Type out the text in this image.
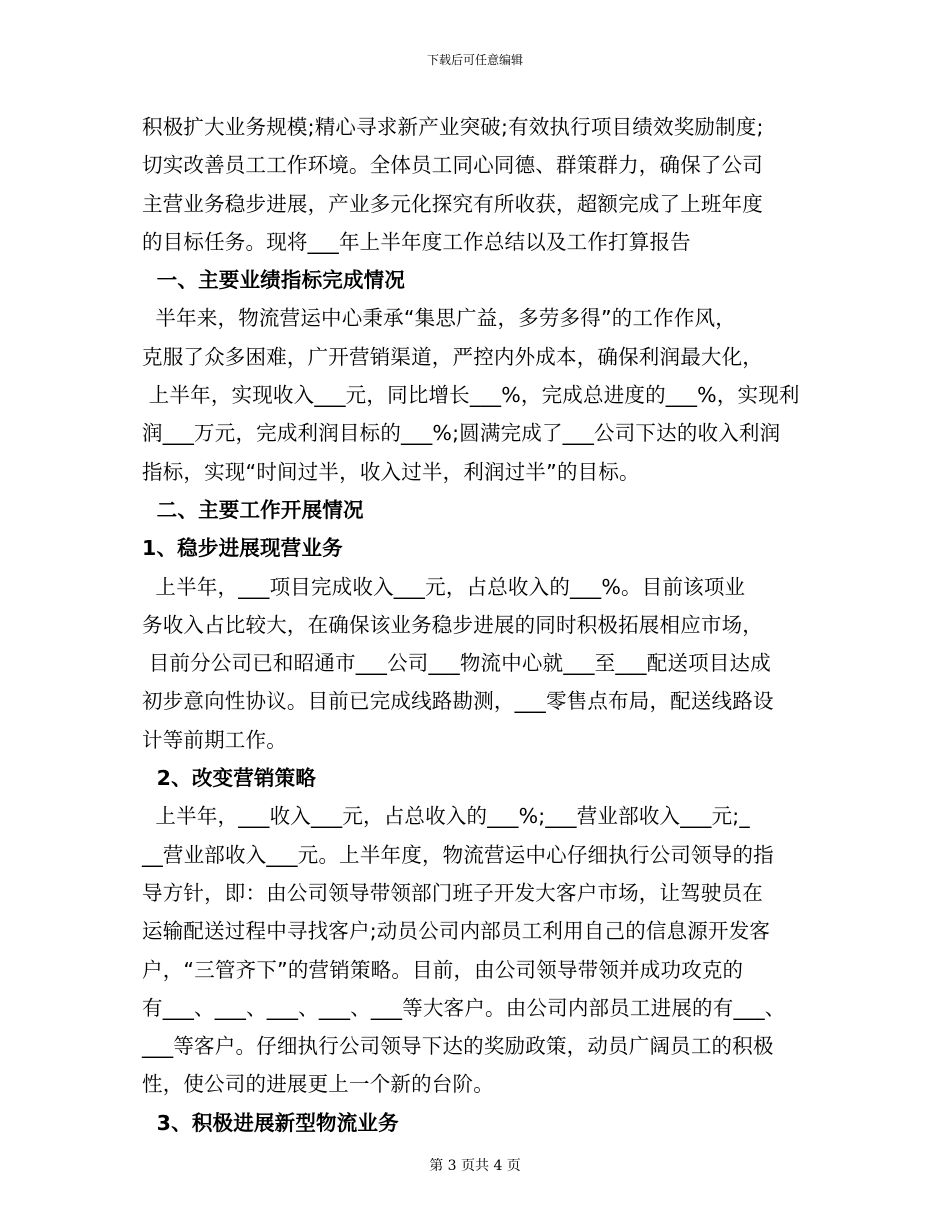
下载后可任意编辑
积极扩大业务规模;精心寻求新产业突破;有效执行项目绩效奖励制度;
切实改善员工工作环境。全体员工同心同德、群策群力，确保了公司
主营业务稳步进展，产业多元化探究有所收获，超额完成了上班年度
的目标任务。现将___年上半年度工作总结以及工作打算报告
一、主要业绩指标完成情况
半年来，物流营运中心秉承“集思广益，多劳多得”的工作作风，
克服了众多困难，广开营销渠道，严控内外成本，确保利润最大化，
上半年，实现收入___元，同比增长___%，完成总进度的___%，实现利
润___万元，完成利润目标的___%;圆满完成了___公司下达的收入利润
指标，实现“时间过半，收入过半，利润过半”的目标。
二、主要工作开展情况
1、稳步进展现营业务
上半年，___项目完成收入___元，占总收入的___%。目前该项业
务收入占比较大，在确保该业务稳步进展的同时积极拓展相应市场，
目前分公司已和昭通市___公司___物流中心就___至___配送项目达成
初步意向性协议。目前已完成线路勘测，___零售点布局，配送线路设
计等前期工作。
2、改变营销策略
上半年，___收入___元，占总收入的___%;___营业部收入___元;_
__营业部收入___元。上半年度，物流营运中心仔细执行公司领导的指
导方针，即：由公司领导带领部门班子开发大客户市场，让驾驶员在
运输配送过程中寻找客户;动员公司内部员工利用自己的信息源开发客
户，“三管齐下”的营销策略。目前，由公司领导带领并成功攻克的
有___、___、___、___、___等大客户。由公司内部员工进展的有___、
___等客户。仔细执行公司领导下达的奖励政策，动员广阔员工的积极
性，使公司的进展更上一个新的台阶。
3、积极进展新型物流业务
第 3 页共 4 页
